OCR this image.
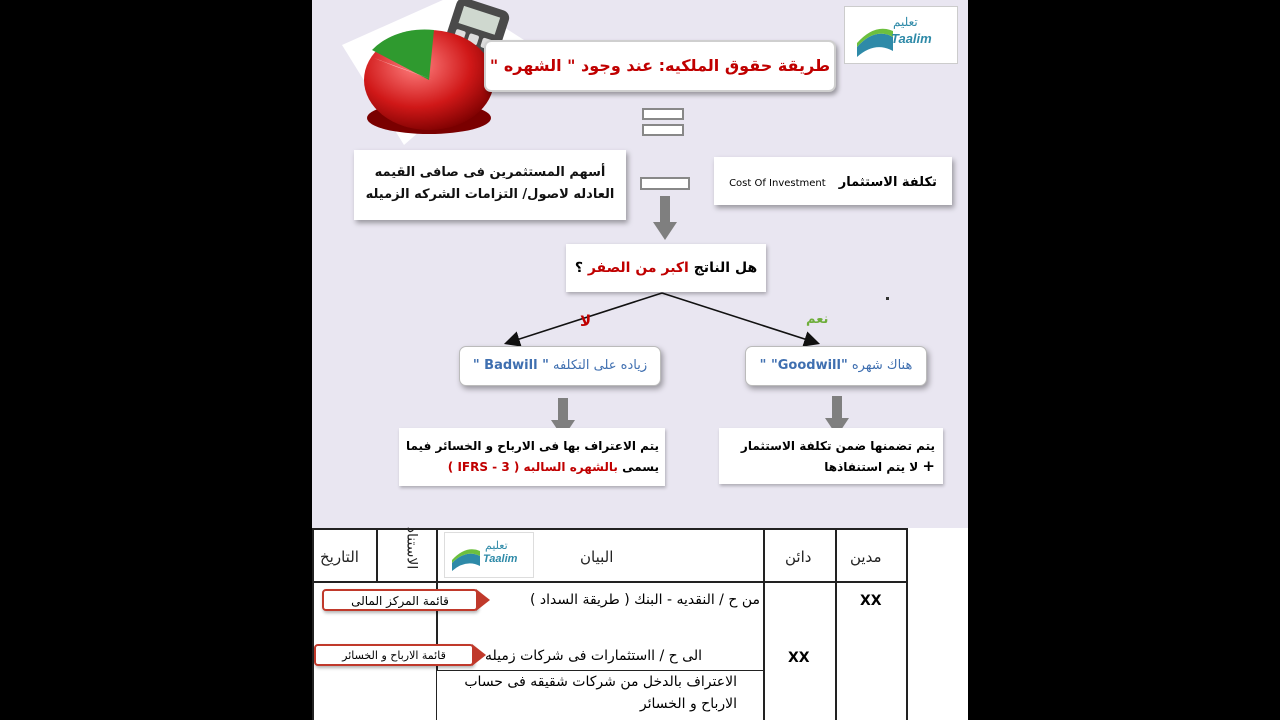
تعليم
Taalim
طريقة حقوق الملكيه: عند وجود " الشهره "
أسهم المستثمرين فى صافى القيمه
العادله لاصول/ التزامات الشركه الزميله
تكلفة الاستثمار Cost Of Investment
هل الناتج اكبر من الصفر ؟
لا	نعم
زياده على التكلفه " Badwill "	هناك شهره "Goodwill" "
يتم الاعتراف بها فى الارباح و الخسائر فيما
يسمى بالشهره السالبه ( IFRS - 3 )
يتم تضمنها ضمن تكلفة الاستثمار
+ لا يتم استنفاذها
مدين
دائن
البيان
الاستناد
التاريخ
تعليم
Taalim
XX
من ح / النقديه - البنك ( طريقة السداد )
XX
الى ح / اا‌ستثمارات فى شركات زميله
قائمة المركز المالى
قائمة الارباح و الخسائر
الاعتراف بالدخل من شركات شقيقه فى حساب
الارباح و الخسائر
